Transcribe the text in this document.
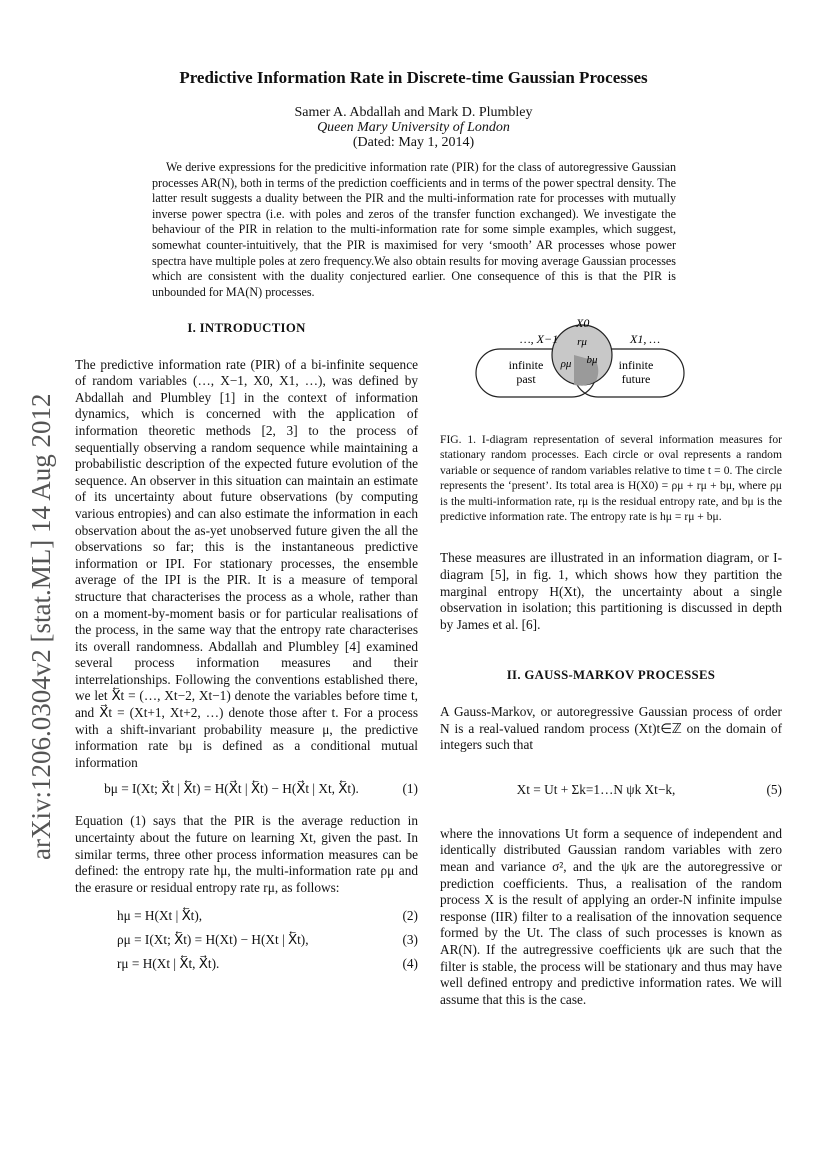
arXiv:1206.0304v2 [stat.ML] 14 Aug 2012
Predictive Information Rate in Discrete-time Gaussian Processes
Samer A. Abdallah and Mark D. Plumbley
Queen Mary University of London
(Dated: May 1, 2014)
We derive expressions for the predicitive information rate (PIR) for the class of autoregressive Gaussian processes AR(N), both in terms of the prediction coefficients and in terms of the power spectral density. The latter result suggests a duality between the PIR and the multi-information rate for processes with mutually inverse power spectra (i.e. with poles and zeros of the transfer function exchanged). We investigate the behaviour of the PIR in relation to the multi-information rate for some simple examples, which suggest, somewhat counter-intuitively, that the PIR is maximised for very ‘smooth’ AR processes whose power spectra have multiple poles at zero frequency.We also obtain results for moving average Gaussian processes which are consistent with the duality conjectured earlier. One consequence of this is that the PIR is unbounded for MA(N) processes.
I. INTRODUCTION

The predictive information rate (PIR) of a bi-infinite sequence of random variables (…, X−1, X0, X1, …), was defined by Abdallah and Plumbley [1] in the context of information dynamics, which is concerned with the application of information theoretic methods [2, 3] to the process of sequentially observing a random sequence while maintaining a probabilistic description of the expected future evolution of the sequence. An observer in this situation can maintain an estimate of its uncertainty about future observations (by computing various entropies) and can also estimate the information in each observation about the as-yet unobserved future given the all the observations so far; this is the instantaneous predictive information or IPI. For stationary processes, the ensemble average of the IPI is the PIR. It is a measure of temporal structure that characterises the process as a whole, rather than on a moment-by-moment basis or for particular realisations of the process, in the same way that the entropy rate characterises its overall randomness. Abdallah and Plumbley [4] examined several process information measures and their interrelationships. Following the conventions established there, we let X⃖t = (…, Xt−2, Xt−1) denote the variables before time t, and X⃗t = (Xt+1, Xt+2, …) denote those after t. For a process with a shift-invariant probability measure μ, the predictive information rate bμ is defined as a conditional mutual information

bμ = I(Xt; X⃗t | X⃖t) = H(X⃗t | X⃖t) − H(X⃗t | Xt, X⃖t).	(1)

Equation (1) says that the PIR is the average reduction in uncertainty about the future on learning Xt, given the past. In similar terms, three other process information measures can be defined: the entropy rate hμ, the multi-information rate ρμ and the erasure or residual entropy rate rμ, as follows:

hμ = H(Xt | X⃖t),	(2)
ρμ = I(Xt; X⃖t) = H(Xt) − H(Xt | X⃖t),	(3)
rμ = H(Xt | X⃖t, X⃗t).	(4)
…, X−1
X0
X1, …
infinite
past
infinite
future
rμ
ρμ bμ
FIG. 1. I-diagram representation of several information measures for stationary random processes. Each circle or oval represents a random variable or sequence of random variables relative to time t = 0. The circle represents the ‘present’. Its total area is H(X0) = ρμ + rμ + bμ, where ρμ is the multi-information rate, rμ is the residual entropy rate, and bμ is the predictive information rate. The entropy rate is hμ = rμ + bμ.

These measures are illustrated in an information diagram, or I-diagram [5], in fig. 1, which shows how they partition the marginal entropy H(Xt), the uncertainty about a single observation in isolation; this partitioning is discussed in depth by James et al. [6].

II. GAUSS-MARKOV PROCESSES

A Gauss-Markov, or autoregressive Gaussian process of order N is a real-valued random process (Xt)t∈ℤ on the domain of integers such that

Xt = Ut + Σk=1…N ψk Xt−k,	(5)

where the innovations Ut form a sequence of independent and identically distributed Gaussian random variables with zero mean and variance σ², and the ψk are the autoregressive or prediction coefficients. Thus, a realisation of the random process X is the result of applying an order-N infinite impulse response (IIR) filter to a realisation of the innovation sequence formed by the Ut. The class of such processes is known as AR(N). If the autregressive coefficients ψk are such that the filter is stable, the process will be stationary and thus may have well defined entropy and predictive information rates. We will assume that this is the case.
